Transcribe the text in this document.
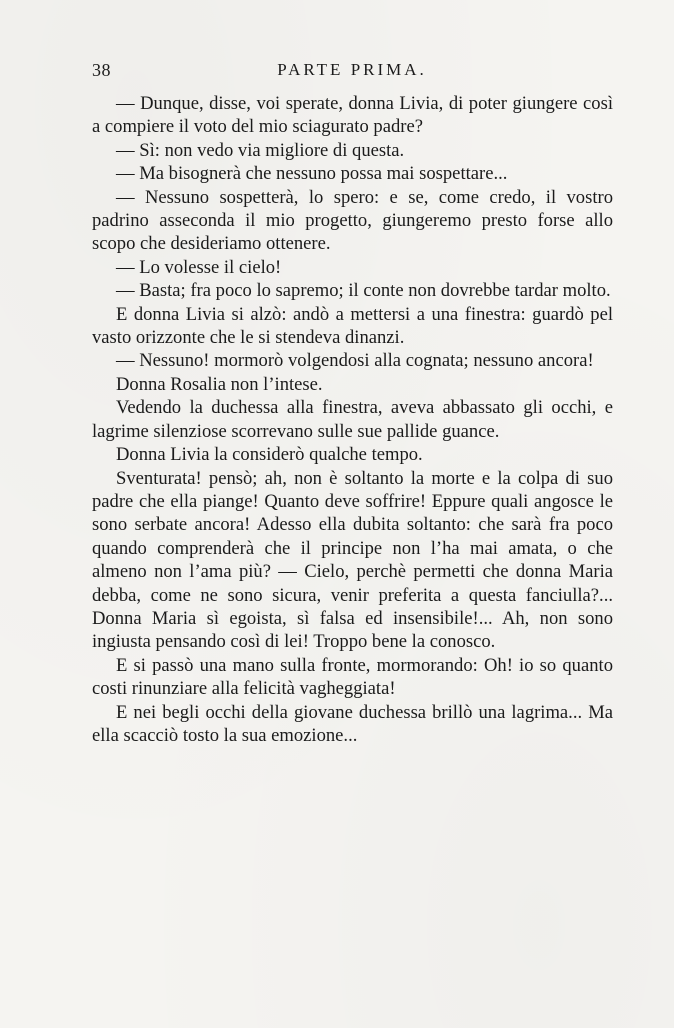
38	PARTE PRIMA.

— Dunque, disse, voi sperate, donna Livia, di poter giungere così a compiere il voto del mio sciagurato padre?

— Sì: non vedo via migliore di questa.

— Ma bisognerà che nessuno possa mai sospettare...

— Nessuno sospetterà, lo spero: e se, come credo, il vostro padrino asseconda il mio progetto, giungeremo presto forse allo scopo che desideriamo ottenere.

— Lo volesse il cielo!

— Basta; fra poco lo sapremo; il conte non dovrebbe tardar molto.

E donna Livia si alzò: andò a mettersi a una finestra: guardò pel vasto orizzonte che le si stendeva dinanzi.

— Nessuno! mormorò volgendosi alla cognata; nessuno ancora!

Donna Rosalia non l’intese.

Vedendo la duchessa alla finestra, aveva abbassato gli occhi, e lagrime silenziose scorrevano sulle sue pallide guance.

Donna Livia la considerò qualche tempo.

Sventurata! pensò; ah, non è soltanto la morte e la colpa di suo padre che ella piange! Quanto deve soffrire! Eppure quali angosce le sono serbate ancora! Adesso ella dubita soltanto: che sarà fra poco quando comprenderà che il principe non l’ha mai amata, o che almeno non l’ama più? — Cielo, perchè permetti che donna Maria debba, come ne sono sicura, venir preferita a questa fanciulla?... Donna Maria sì egoista, sì falsa ed insensibile!... Ah, non sono ingiusta pensando così di lei! Troppo bene la conosco.

E si passò una mano sulla fronte, mormorando: Oh! io so quanto costi rinunziare alla felicità vagheggiata!

E nei begli occhi della giovane duchessa brillò una lagrima... Ma ella scacciò tosto la sua emozione...
